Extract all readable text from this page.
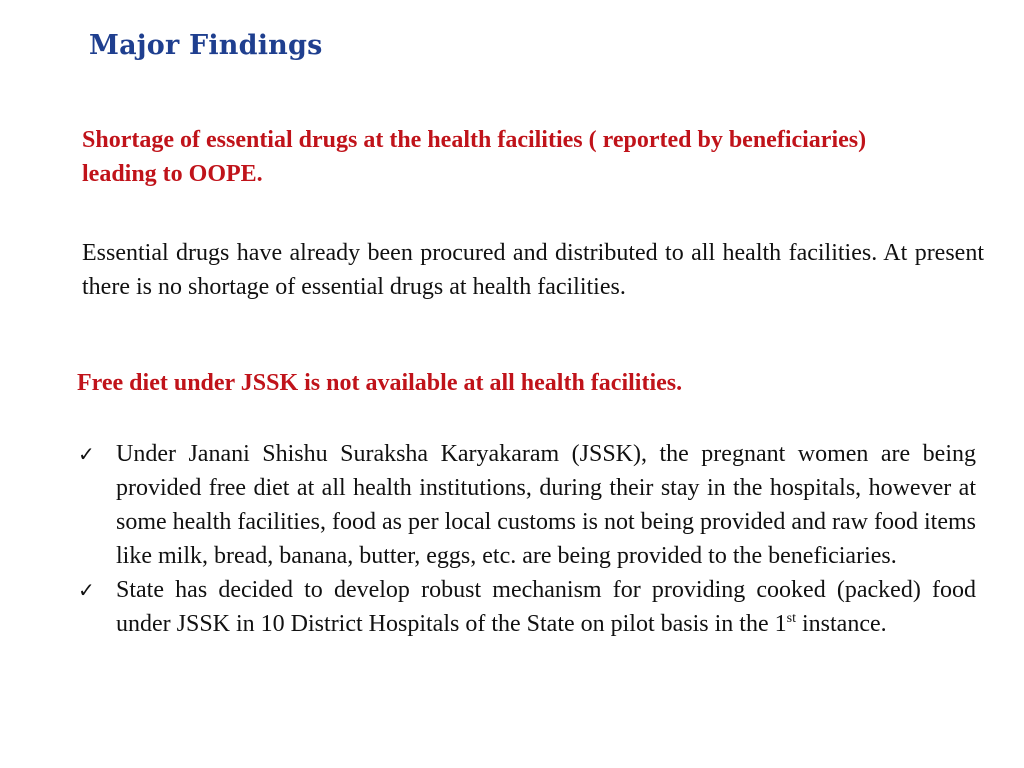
Major Findings
Shortage of essential drugs at the health facilities ( reported by beneficiaries) leading to OOPE.

Essential drugs have already been procured and distributed to all health facilities. At present there is no shortage of essential drugs at health facilities.

Free diet under JSSK is not available at all health facilities.
✓ Under Janani Shishu Suraksha Karyakaram (JSSK), the pregnant women are being provided free diet at all health institutions, during their stay in the hospitals, however at some health facilities, food as per local customs is not being provided and raw food items like milk, bread, banana, butter, eggs, etc. are being provided to the beneficiaries.
✓ State has decided to develop robust mechanism for providing cooked (packed) food under JSSK in 10 District Hospitals of the State on pilot basis in the 1st instance.
